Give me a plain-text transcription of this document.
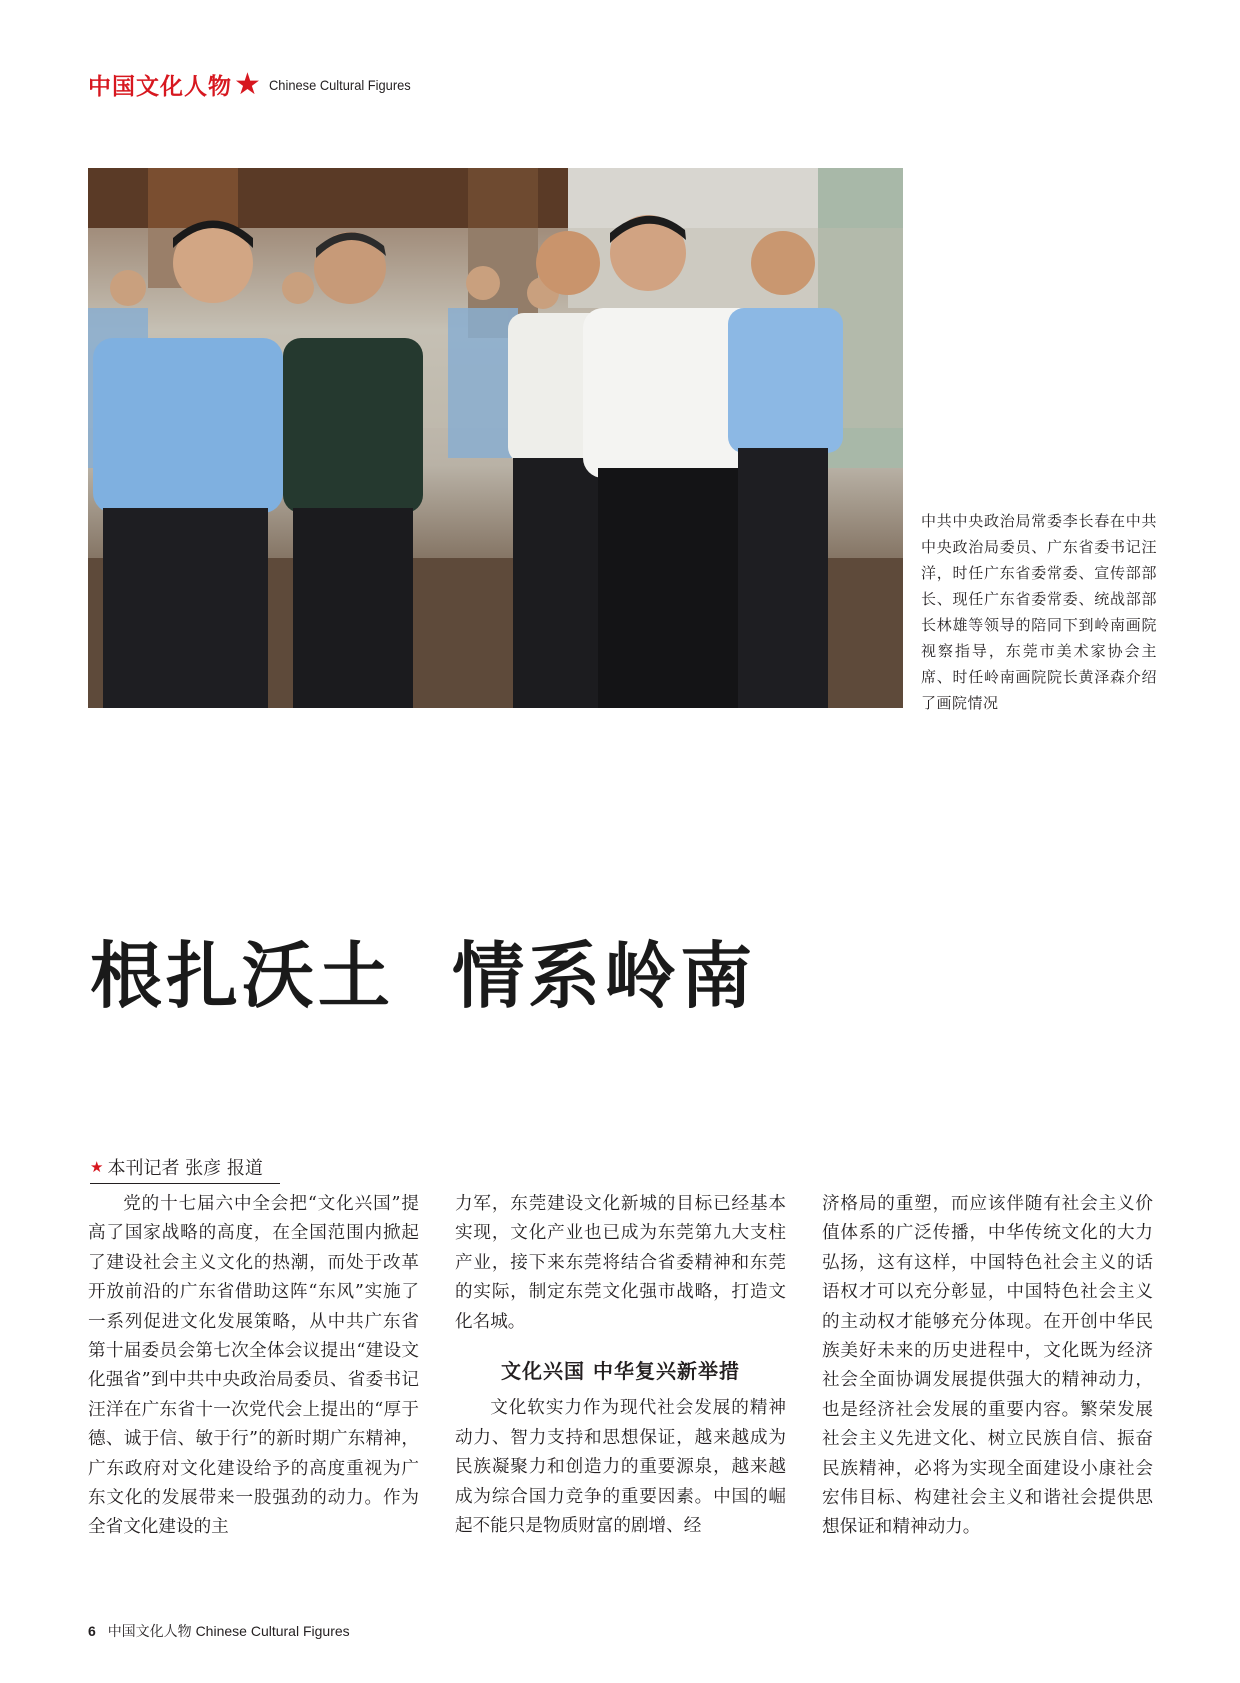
中国文化人物 ★ Chinese Cultural Figures
中共中央政治局常委李长春在中共中央政治局委员、广东省委书记汪洋，时任广东省委常委、宣传部部长、现任广东省委常委、统战部部长林雄等领导的陪同下到岭南画院视察指导，东莞市美术家协会主席、时任岭南画院院长黄泽森介绍了画院情况
根扎沃土  情系岭南
★ 本刊记者 张彦 报道

党的十七届六中全会把“文化兴国”提高了国家战略的高度，在全国范围内掀起了建设社会主义文化的热潮，而处于改革开放前沿的广东省借助这阵“东风”实施了一系列促进文化发展策略，从中共广东省第十届委员会第七次全体会议提出“建设文化强省”到中共中央政治局委员、省委书记汪洋在广东省十一次党代会上提出的“厚于德、诚于信、敏于行”的新时期广东精神，广东政府对文化建设给予的高度重视为广东文化的发展带来一股强劲的动力。作为全省文化建设的主

力军，东莞建设文化新城的目标已经基本实现，文化产业也已成为东莞第九大支柱产业，接下来东莞将结合省委精神和东莞的实际，制定东莞文化强市战略，打造文化名城。

文化兴国 中华复兴新举措

文化软实力作为现代社会发展的精神动力、智力支持和思想保证，越来越成为民族凝聚力和创造力的重要源泉，越来越成为综合国力竞争的重要因素。中国的崛起不能只是物质财富的剧增、经

济格局的重塑，而应该伴随有社会主义价值体系的广泛传播，中华传统文化的大力弘扬，这有这样，中国特色社会主义的话语权才可以充分彰显，中国特色社会主义的主动权才能够充分体现。在开创中华民族美好未来的历史进程中，文化既为经济社会全面协调发展提供强大的精神动力，也是经济社会发展的重要内容。繁荣发展社会主义先进文化、树立民族自信、振奋民族精神，必将为实现全面建设小康社会宏伟目标、构建社会主义和谐社会提供思想保证和精神动力。

6 中国文化人物 Chinese Cultural Figures
